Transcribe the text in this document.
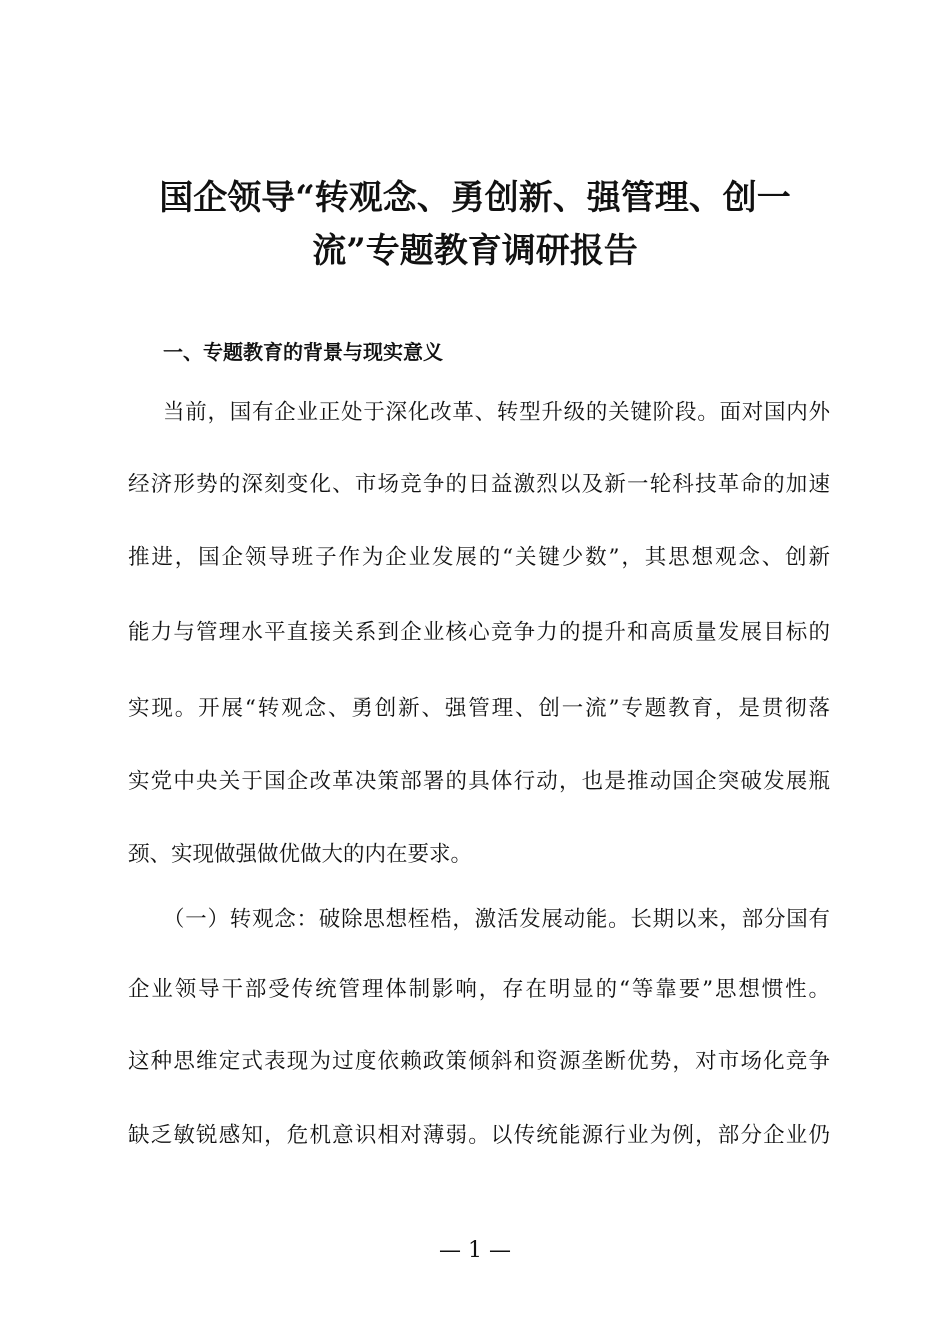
国企领导“转观念、勇创新、强管理、创一
流”专题教育调研报告
一、专题教育的背景与现实意义
当前，国有企业正处于深化改革、转型升级的关键阶段。面对国内外
经济形势的深刻变化、市场竞争的日益激烈以及新一轮科技革命的加速
推进，国企领导班子作为企业发展的“关键少数”，其思想观念、创新
能力与管理水平直接关系到企业核心竞争力的提升和高质量发展目标的
实现。开展“转观念、勇创新、强管理、创一流”专题教育，是贯彻落
实党中央关于国企改革决策部署的具体行动，也是推动国企突破发展瓶
颈、实现做强做优做大的内在要求。
（一）转观念：破除思想桎梏，激活发展动能。长期以来，部分国有
企业领导干部受传统管理体制影响，存在明显的“等靠要”思想惯性。
这种思维定式表现为过度依赖政策倾斜和资源垄断优势，对市场化竞争
缺乏敏锐感知，危机意识相对薄弱。以传统能源行业为例，部分企业仍
— 1 —
